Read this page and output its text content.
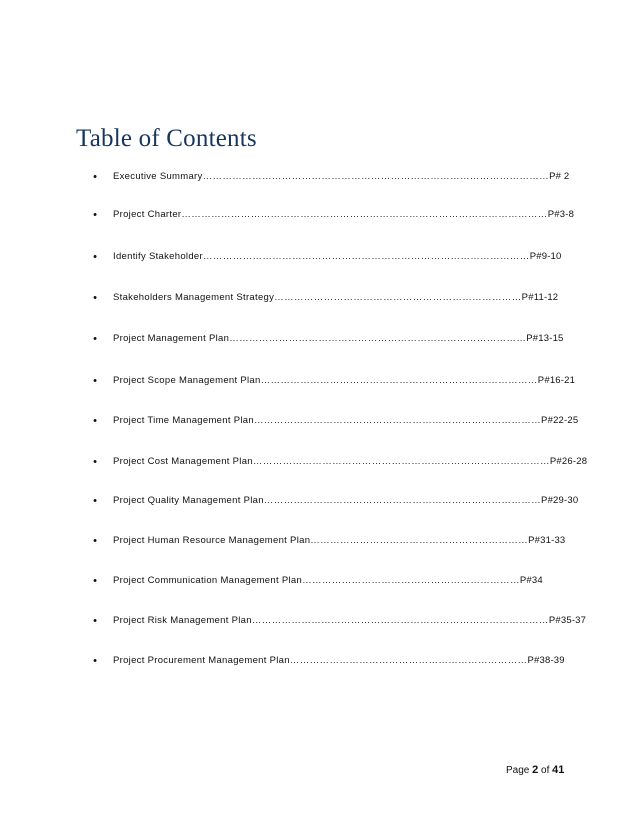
Table of Contents
•	Executive Summary……………………………………………………………………………………………P# 2
•	Project Charter…………………………………………………………………………………………………P#3-8
•	Identify Stakeholder………………………………………………………………………………………P#9-10
•	Stakeholders Management Strategy…………………………………………………………………P#11-12
•	Project Management Plan………………………………………………………………………………P#13-15
•	Project Scope Management Plan…………………………………………………………………………P#16-21
•	Project Time Management Plan……………………………………………………………………………P#22-25
•	Project Cost Management Plan………………………………………………………………………………P#26-28
•	Project Quality Management Plan…………………………………………………………………………P#29-30
•	Project Human Resource Management Plan…………………………………………………………P#31-33
•	Project Communication Management Plan…………………………………………………………P#34
•	Project Risk Management Plan………………………………………………………………………………P#35-37
•	Project Procurement Management Plan………………………………………………………………P#38-39
Page 2 of 41
